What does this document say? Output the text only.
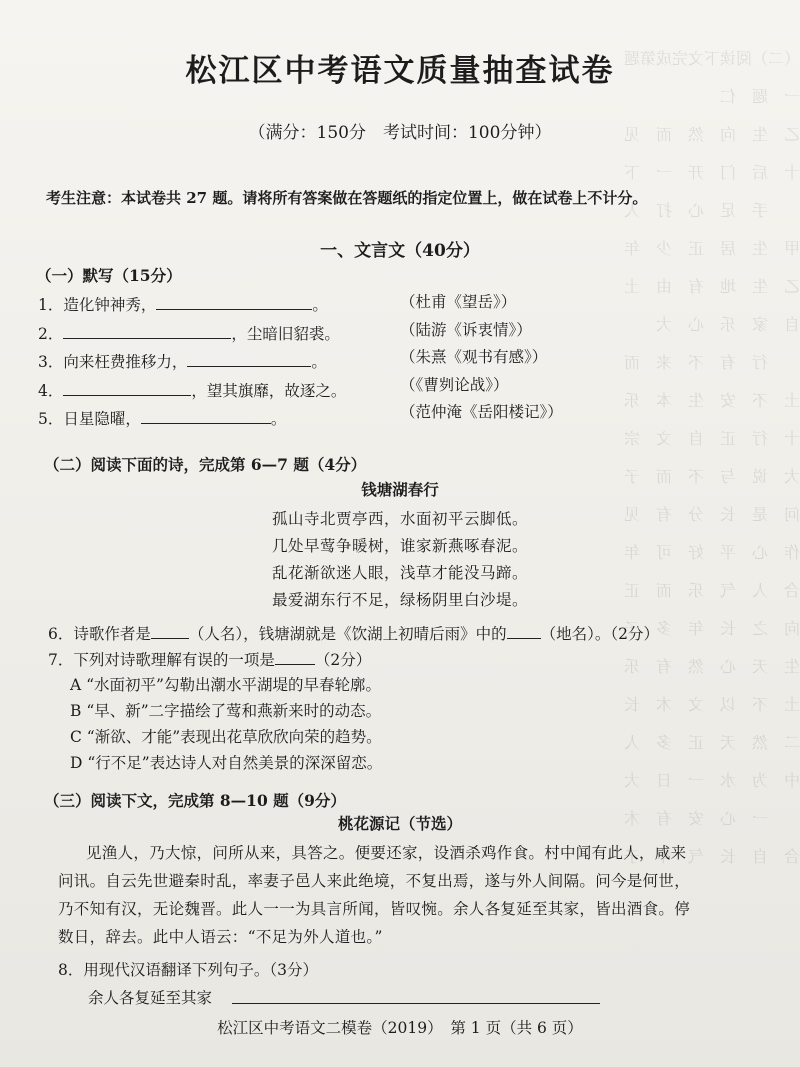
（二）阅读下文完成第题
一　题　仁
乙　生　向　然　而　见
十　后　门　开　一　下
　　手　足　心　打　人
甲　生　居　正　少　年
乙　生　地　有　由　土
自　家　乐　心　大
　　行　有　不　来　而
土　不　安　生　本　乐
十　行　正　自　文　宗
大　说　与　不　而　子
问　是　长　分　有　见
作　心　平　好　可　年
合　人　气　乐　而　正
向　之　长　年　多　子
生　天　心　然　有　乐
土　不　以　文　木　长
二　然　天　正　多　人
中　为　水　一　日　大
　　一　心　安　有　木
合　自　长　气　年　子
松江区中考语文质量抽查试卷
（满分：150分　考试时间：100分钟）
考生注意：本试卷共 27 题。请将所有答案做在答题纸的指定位置上，做在试卷上不计分。
一、文言文（40分）
（一）默写（15分）
1．造化钟神秀，	。	（杜甫《望岳》）
2．	，尘暗旧貂裘。	（陆游《诉衷情》）
3．向来枉费推移力，	。	（朱熹《观书有感》）
4．	，望其旗靡，故逐之。	（《曹刿论战》）
5．日星隐曜，	。	（范仲淹《岳阳楼记》）
（二）阅读下面的诗，完成第 6—7 题（4分）
钱塘湖春行
孤山寺北贾亭西，水面初平云脚低。
几处早莺争暖树，谁家新燕啄春泥。
乱花渐欲迷人眼，浅草才能没马蹄。
最爱湖东行不足，绿杨阴里白沙堤。
6．诗歌作者是 （人名），钱塘湖就是《饮湖上初晴后雨》中的 （地名）。（2分）
7．下列对诗歌理解有误的一项是	（2分）
A “水面初平”勾勒出潮水平湖堤的早春轮廓。
B “早、新”二字描绘了莺和燕新来时的动态。
C “渐欲、才能”表现出花草欣欣向荣的趋势。
D “行不足”表达诗人对自然美景的深深留恋。
（三）阅读下文，完成第 8—10 题（9分）
桃花源记（节选）
见渔人，乃大惊，问所从来，具答之。便要还家，设酒杀鸡作食。村中闻有此人，咸来
问讯。自云先世避秦时乱，率妻子邑人来此绝境，不复出焉，遂与外人间隔。问今是何世，
乃不知有汉，无论魏晋。此人一一为具言所闻，皆叹惋。余人各复延至其家，皆出酒食。停
数日，辞去。此中人语云：“不足为外人道也。”
8．用现代汉语翻译下列句子。（3分）
余人各复延至其家
松江区中考语文二模卷（2019）　第 1 页（共 6 页）
